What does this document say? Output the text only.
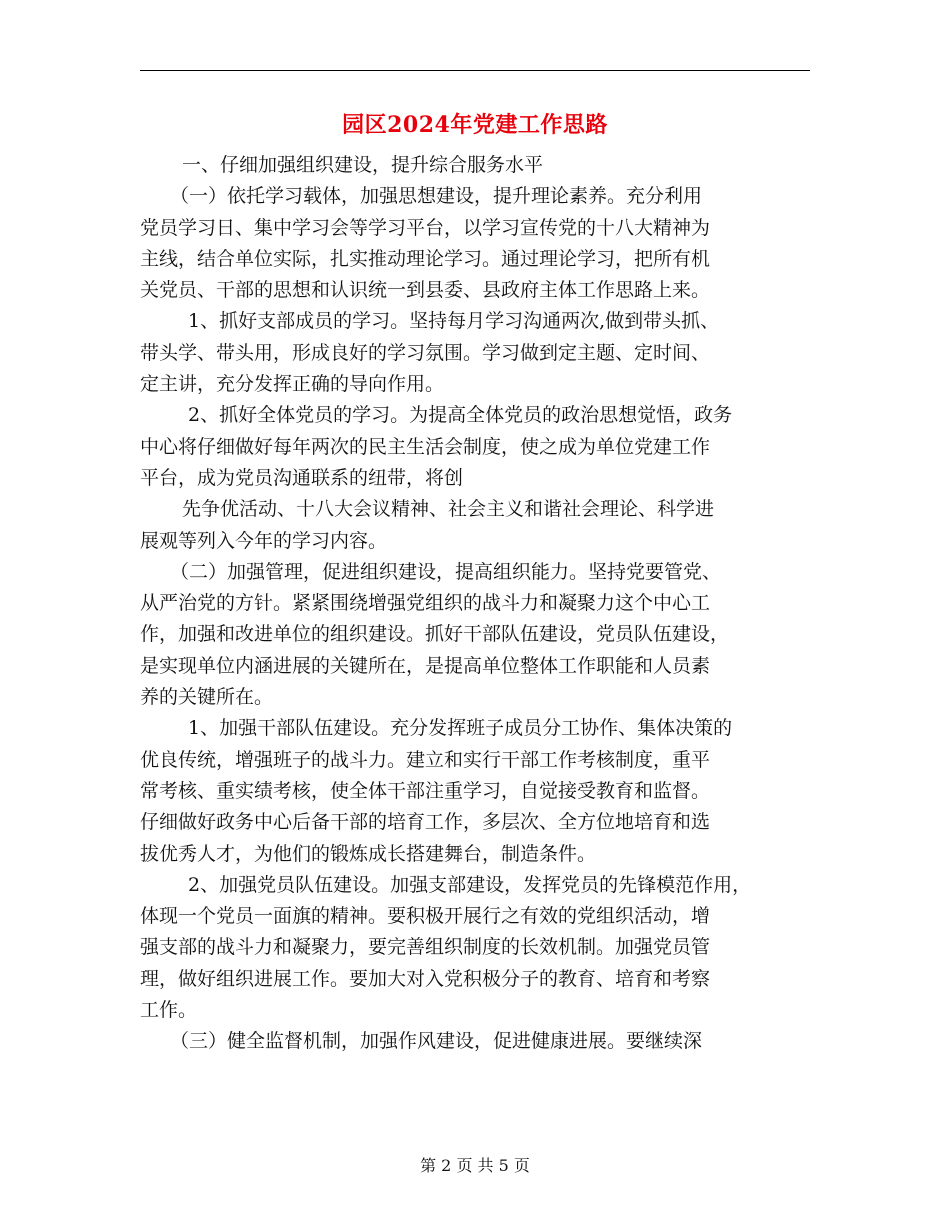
园区2024年党建工作思路
一、仔细加强组织建设，提升综合服务水平
（一）依托学习载体，加强思想建设，提升理论素养。充分利用
党员学习日、集中学习会等学习平台，以学习宣传党的十八大精神为
主线，结合单位实际，扎实推动理论学习。通过理论学习，把所有机
关党员、干部的思想和认识统一到县委、县政府主体工作思路上来。
1、抓好支部成员的学习。坚持每月学习沟通两次,做到带头抓、
带头学、带头用，形成良好的学习氛围。学习做到定主题、定时间、
定主讲，充分发挥正确的导向作用。
2、抓好全体党员的学习。为提高全体党员的政治思想觉悟，政务
中心将仔细做好每年两次的民主生活会制度，使之成为单位党建工作
平台，成为党员沟通联系的纽带，将创
先争优活动、十八大会议精神、社会主义和谐社会理论、科学进
展观等列入今年的学习内容。
（二）加强管理，促进组织建设，提高组织能力。坚持党要管党、
从严治党的方针。紧紧围绕增强党组织的战斗力和凝聚力这个中心工
作，加强和改进单位的组织建设。抓好干部队伍建设，党员队伍建设，
是实现单位内涵进展的关键所在，是提高单位整体工作职能和人员素
养的关键所在。
1、加强干部队伍建设。充分发挥班子成员分工协作、集体决策的
优良传统，增强班子的战斗力。建立和实行干部工作考核制度，重平
常考核、重实绩考核，使全体干部注重学习，自觉接受教育和监督。
仔细做好政务中心后备干部的培育工作，多层次、全方位地培育和选
拔优秀人才，为他们的锻炼成长搭建舞台，制造条件。
2、加强党员队伍建设。加强支部建设，发挥党员的先锋模范作用，
体现一个党员一面旗的精神。要积极开展行之有效的党组织活动，增
强支部的战斗力和凝聚力，要完善组织制度的长效机制。加强党员管
理，做好组织进展工作。要加大对入党积极分子的教育、培育和考察
工作。
（三）健全监督机制，加强作风建设，促进健康进展。要继续深
第 2 页 共 5 页
